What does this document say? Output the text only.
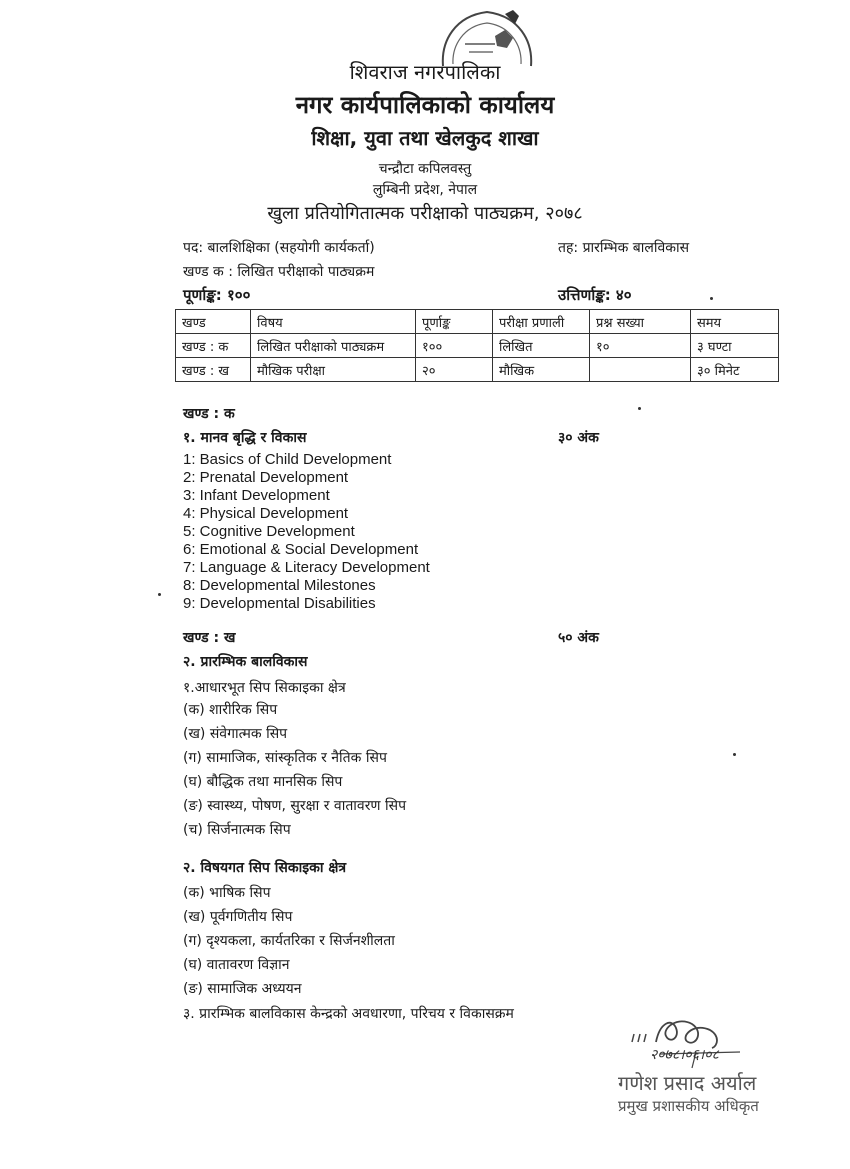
शिवराज नगरपालिका
नगर कार्यपालिकाको कार्यालय
शिक्षा, युवा तथा खेलकुद शाखा
चन्द्रौटा कपिलवस्तु
लुम्बिनी प्रदेश, नेपाल
खुला प्रतियोगितात्मक परीक्षाको पाठ्यक्रम, २०७८
पद: बालशिक्षिका (सहयोगी कार्यकर्ता)	तह: प्रारम्भिक बालविकास
खण्ड क : लिखित परीक्षाको पाठ्यक्रम
पूर्णाङ्क: १००	उत्तिर्णाङ्क: ४०
खण्ड	विषय	पूर्णाङ्क	परीक्षा प्रणाली	प्रश्न सख्या	समय
खण्ड : क	लिखित परीक्षाको पाठ्यक्रम	१००	लिखित	१०	३ घण्टा
खण्ड : ख	मौखिक परीक्षा	२०	मौखिक		३० मिनेट
खण्ड : क
१. मानव बृद्धि र विकास	३० अंक
1: Basics of Child Development
2: Prenatal Development
3: Infant Development
4: Physical Development
5: Cognitive Development
6: Emotional & Social Development
7: Language & Literacy Development
8: Developmental Milestones
9: Developmental Disabilities
खण्ड : ख	५० अंक
२. प्रारम्भिक बालविकास
१.आधारभूत सिप सिकाइका क्षेत्र
(क) शारीरिक सिप
(ख) संवेगात्मक सिप
(ग) सामाजिक, सांस्कृतिक र नैतिक सिप
(घ) बौद्धिक तथा मानसिक सिप
(ङ) स्वास्थ्य, पोषण, सुरक्षा र वातावरण सिप
(च) सिर्जनात्मक सिप
२. विषयगत सिप सिकाइका क्षेत्र
(क) भाषिक सिप
(ख) पूर्वगणितीय सिप
(ग) दृश्यकला, कार्यतरिका र सिर्जनशीलता
(घ) वातावरण विज्ञान
(ङ) सामाजिक अध्ययन
३. प्रारम्भिक बालविकास केन्द्रको अवधारणा, परिचय र विकासक्रम
२०७८।०६।०८
गणेश प्रसाद अर्याल
प्रमुख प्रशासकीय अधिकृत
